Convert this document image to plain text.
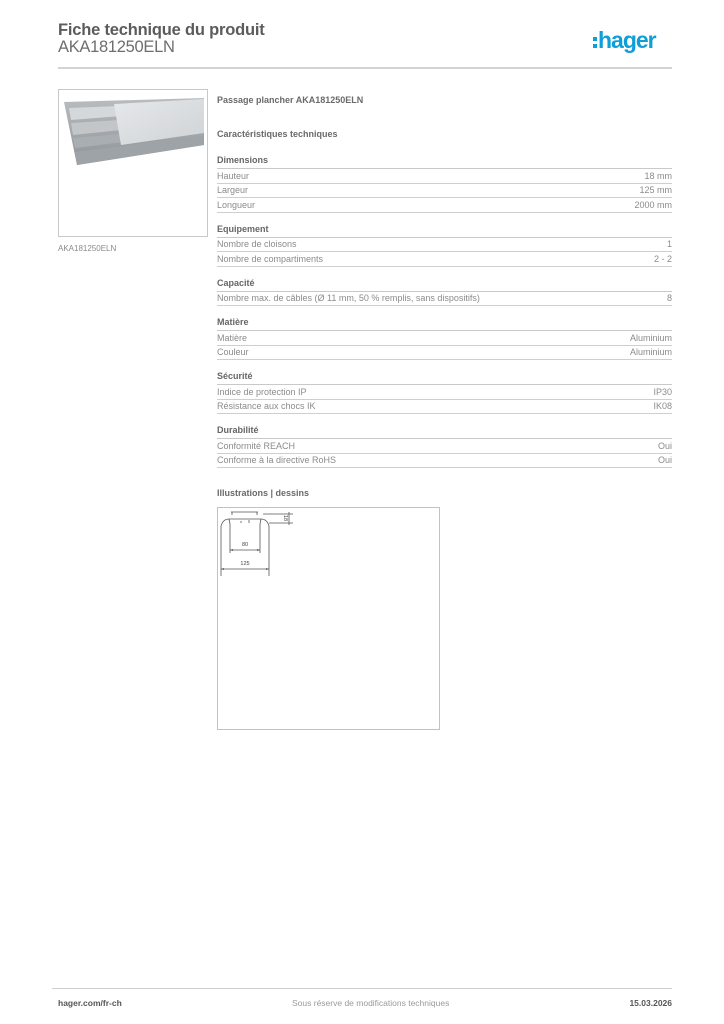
Fiche technique du produit
AKA181250ELN	hager
AKA181250ELN
Passage plancher AKA181250ELN
Caractéristiques techniques
Dimensions
Hauteur	18 mm
Largeur	125 mm
Longueur	2000 mm
Equipement
Nombre de cloisons	1
Nombre de compartiments	2 - 2
Capacité
Nombre max. de câbles (Ø 11 mm, 50 % remplis, sans dispositifs)	8
Matière
Matière	Aluminium
Couleur	Aluminium
Sécurité
Indice de protection IP	IP30
Résistance aux chocs IK	IK08
Durabilité
Conformité REACH	Oui
Conforme à la directive RoHS	Oui
Illustrations | dessins
80
125
18
hager.com/fr-ch	Sous réserve de modifications techniques	15.03.2026
